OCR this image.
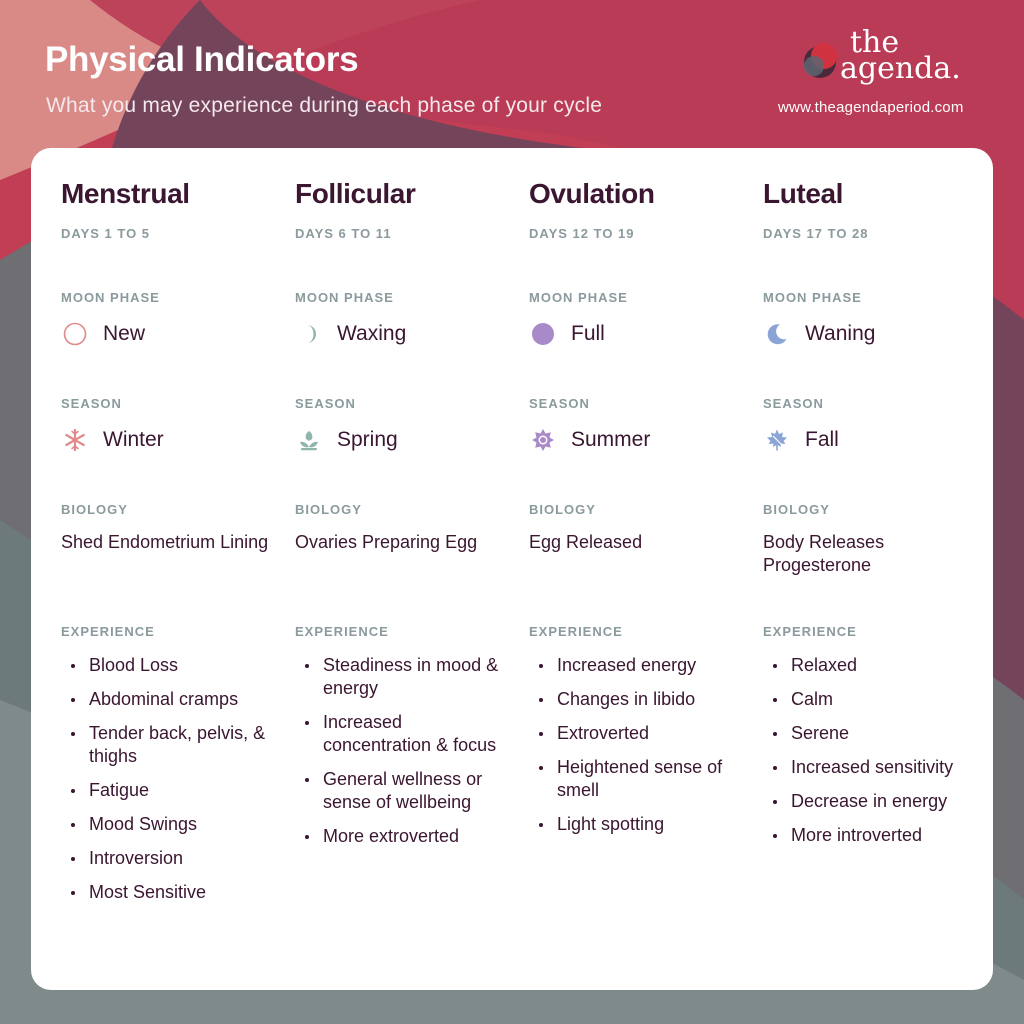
Physical Indicators
What you may experience during each phase of your cycle
the
agenda.
www.theagendaperiod.com
Menstrual
DAYS 1 TO 5
MOON PHASE
New
SEASON
Winter
BIOLOGY
Shed Endometrium Lining
EXPERIENCE
Blood Loss
Abdominal cramps
Tender back, pelvis, & thighs
Fatigue
Mood Swings
Introversion
Most Sensitive
Follicular
DAYS 6 TO 11
MOON PHASE
Waxing
SEASON
Spring
BIOLOGY
Ovaries Preparing Egg
EXPERIENCE
Steadiness in mood & energy
Increased concentration & focus
General wellness or sense of wellbeing
More extroverted
Ovulation
DAYS 12 TO 19
MOON PHASE
Full
SEASON
Summer
BIOLOGY
Egg Released
EXPERIENCE
Increased energy
Changes in libido
Extroverted
Heightened sense of smell
Light spotting
Luteal
DAYS 17 TO 28
MOON PHASE
Waning
SEASON
Fall
BIOLOGY
Body Releases Progesterone
EXPERIENCE
Relaxed
Calm
Serene
Increased sensitivity
Decrease in energy
More introverted
